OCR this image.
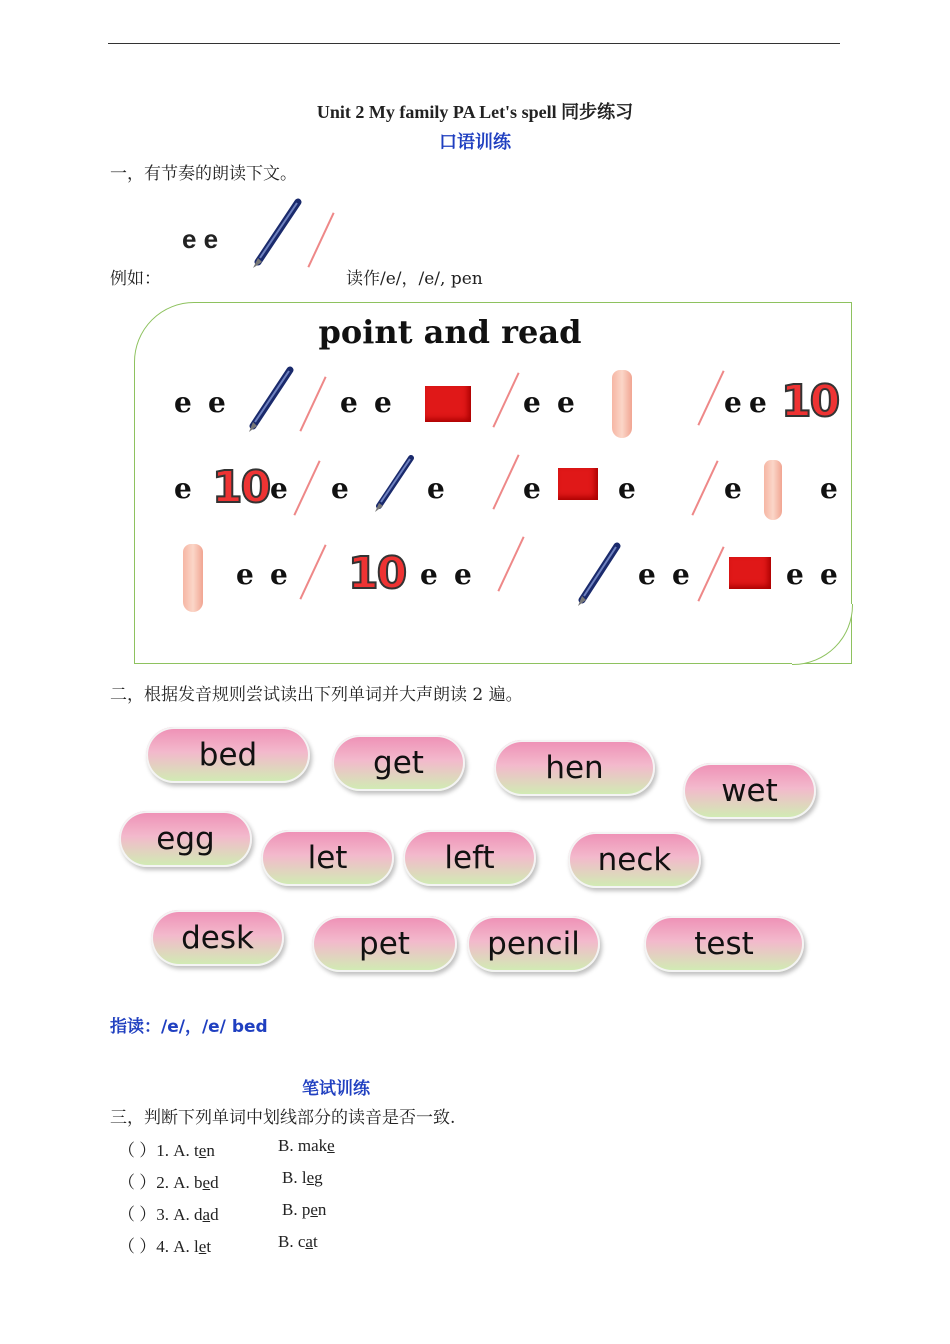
Unit 2 My family PA Let's spell 同步练习
口语训练
一，有节奏的朗读下文。
e e
例如：	读作/e/，/e/, pen
point and read
e e	e e	e e	e e 10
e 10 e e	e	e	e	e	e
e e 10 e e	e e	e e
二，根据发音规则尝试读出下列单词并大声朗读 2 遍。
bed	get	hen
wet
egg
let	left	neck
desk	pet	pencil	test
指读：/e/，/e/ bed
笔试训练
三，判断下列单词中划线部分的读音是否一致.
（ ）1. A. ten	B. make
（ ）2. A. bed	B. leg
（ ）3. A. dad	B. pen
（ ）4. A. let	B. cat
